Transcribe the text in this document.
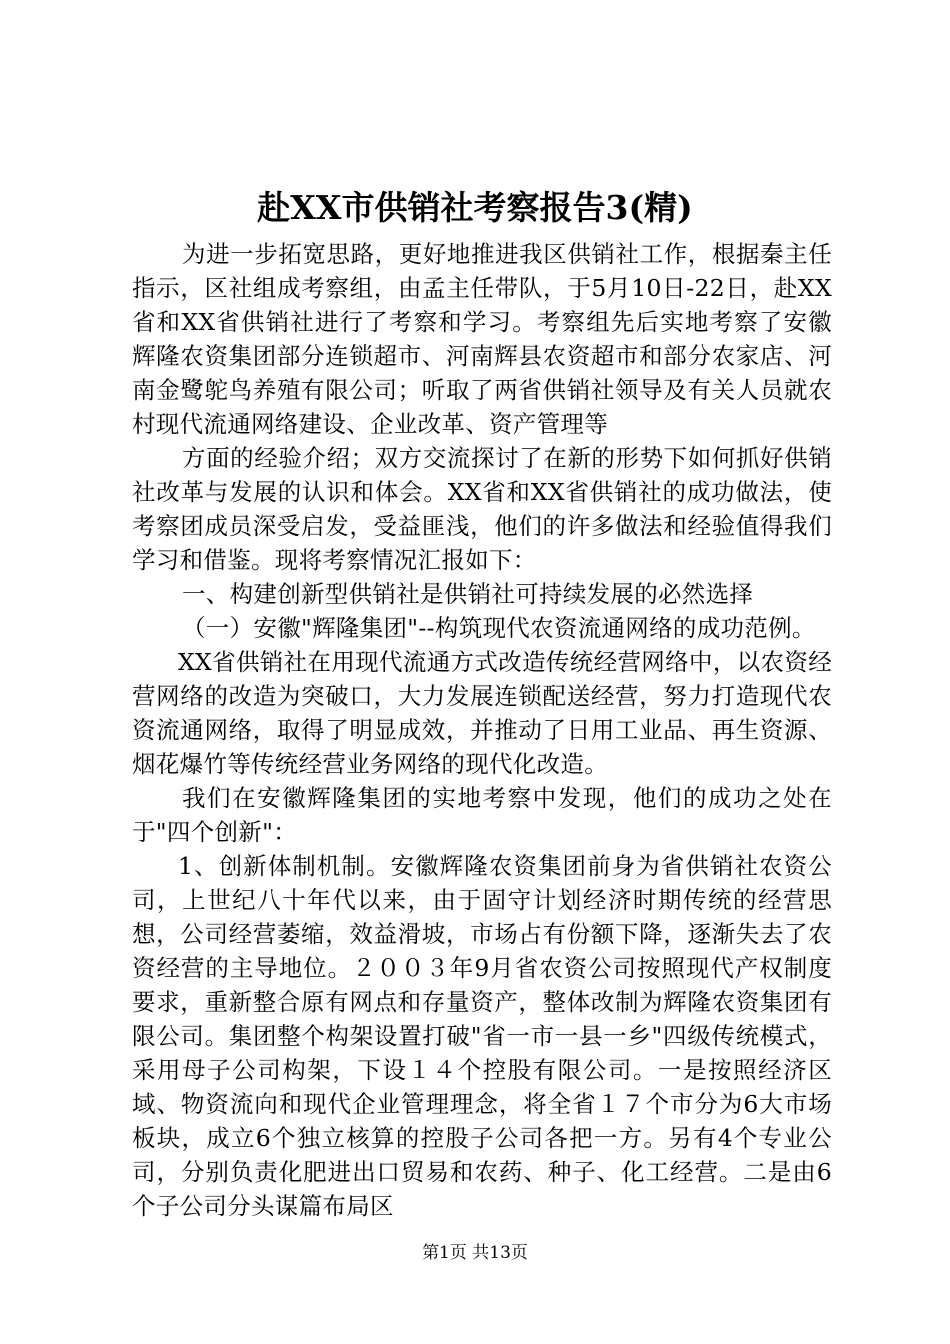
赴XX市供销社考察报告3(精)

为进一步拓宽思路，更好地推进我区供销社工作，根据秦主任指示，区社组成考察组，由孟主任带队，于5月10日-22日，赴XX省和XX省供销社进行了考察和学习。考察组先后实地考察了安徽辉隆农资集团部分连锁超市、河南辉县农资超市和部分农家店、河南金鹭鸵鸟养殖有限公司；听取了两省供销社领导及有关人员就农村现代流通网络建设、企业改革、资产管理等

方面的经验介绍；双方交流探讨了在新的形势下如何抓好供销社改革与发展的认识和体会。XX省和XX省供销社的成功做法，使考察团成员深受启发，受益匪浅，他们的许多做法和经验值得我们学习和借鉴。现将考察情况汇报如下：

一、构建创新型供销社是供销社可持续发展的必然选择

（一）安徽"辉隆集团"--构筑现代农资流通网络的成功范例。

XX省供销社在用现代流通方式改造传统经营网络中，以农资经营网络的改造为突破口，大力发展连锁配送经营，努力打造现代农资流通网络，取得了明显成效，并推动了日用工业品、再生资源、烟花爆竹等传统经营业务网络的现代化改造。

我们在安徽辉隆集团的实地考察中发现，他们的成功之处在于"四个创新"：

1、创新体制机制。安徽辉隆农资集团前身为省供销社农资公司，上世纪八十年代以来，由于固守计划经济时期传统的经营思想，公司经营萎缩，效益滑坡，市场占有份额下降，逐渐失去了农资经营的主导地位。２００３年9月省农资公司按照现代产权制度要求，重新整合原有网点和存量资产，整体改制为辉隆农资集团有限公司。集团整个构架设置打破"省一市一县一乡"四级传统模式，采用母子公司构架，下设１４个控股有限公司。一是按照经济区域、物资流向和现代企业管理理念，将全省１７个市分为6大市场板块，成立6个独立核算的控股子公司各把一方。另有4个专业公司，分别负责化肥进出口贸易和农药、种子、化工经营。二是由6个子公司分头谋篇布局区

第1页 共13页
